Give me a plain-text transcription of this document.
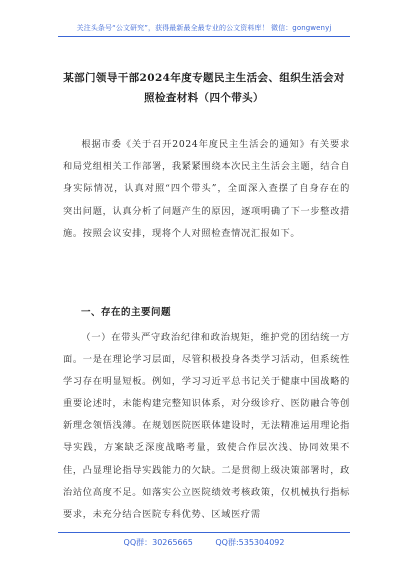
关注头条号“公文研究”，获得最新最全最专业的公文资料库！ 微信：gongwenyj
某部门领导干部2024年度专题民主生活会、组织生活会对照检查材料（四个带头）

根据市委《关于召开2024年度民主生活会的通知》有关要求和局党组相关工作部署，我紧紧围绕本次民主生活会主题，结合自身实际情况，认真对照“四个带头”，全面深入查摆了自身存在的突出问题，认真分析了问题产生的原因，逐项明确了下一步整改措施。按照会议安排，现将个人对照检查情况汇报如下。

一、存在的主要问题

（一）在带头严守政治纪律和政治规矩，维护党的团结统一方面。一是在理论学习层面，尽管积极投身各类学习活动，但系统性学习存在明显短板。例如，学习习近平总书记关于健康中国战略的重要论述时，未能构建完整知识体系，对分级诊疗、医防融合等创新理念领悟浅薄。在规划医院医联体建设时，无法精准运用理论指导实践，方案缺乏深度战略考量，致使合作层次浅、协同效果不佳，凸显理论指导实践能力的欠缺。二是贯彻上级决策部署时，政治站位高度不足。如落实公立医院绩效考核政策，仅机械执行指标要求，未充分结合医院专科优势、区域医疗需

QQ群：30265665	QQ群:535304092
